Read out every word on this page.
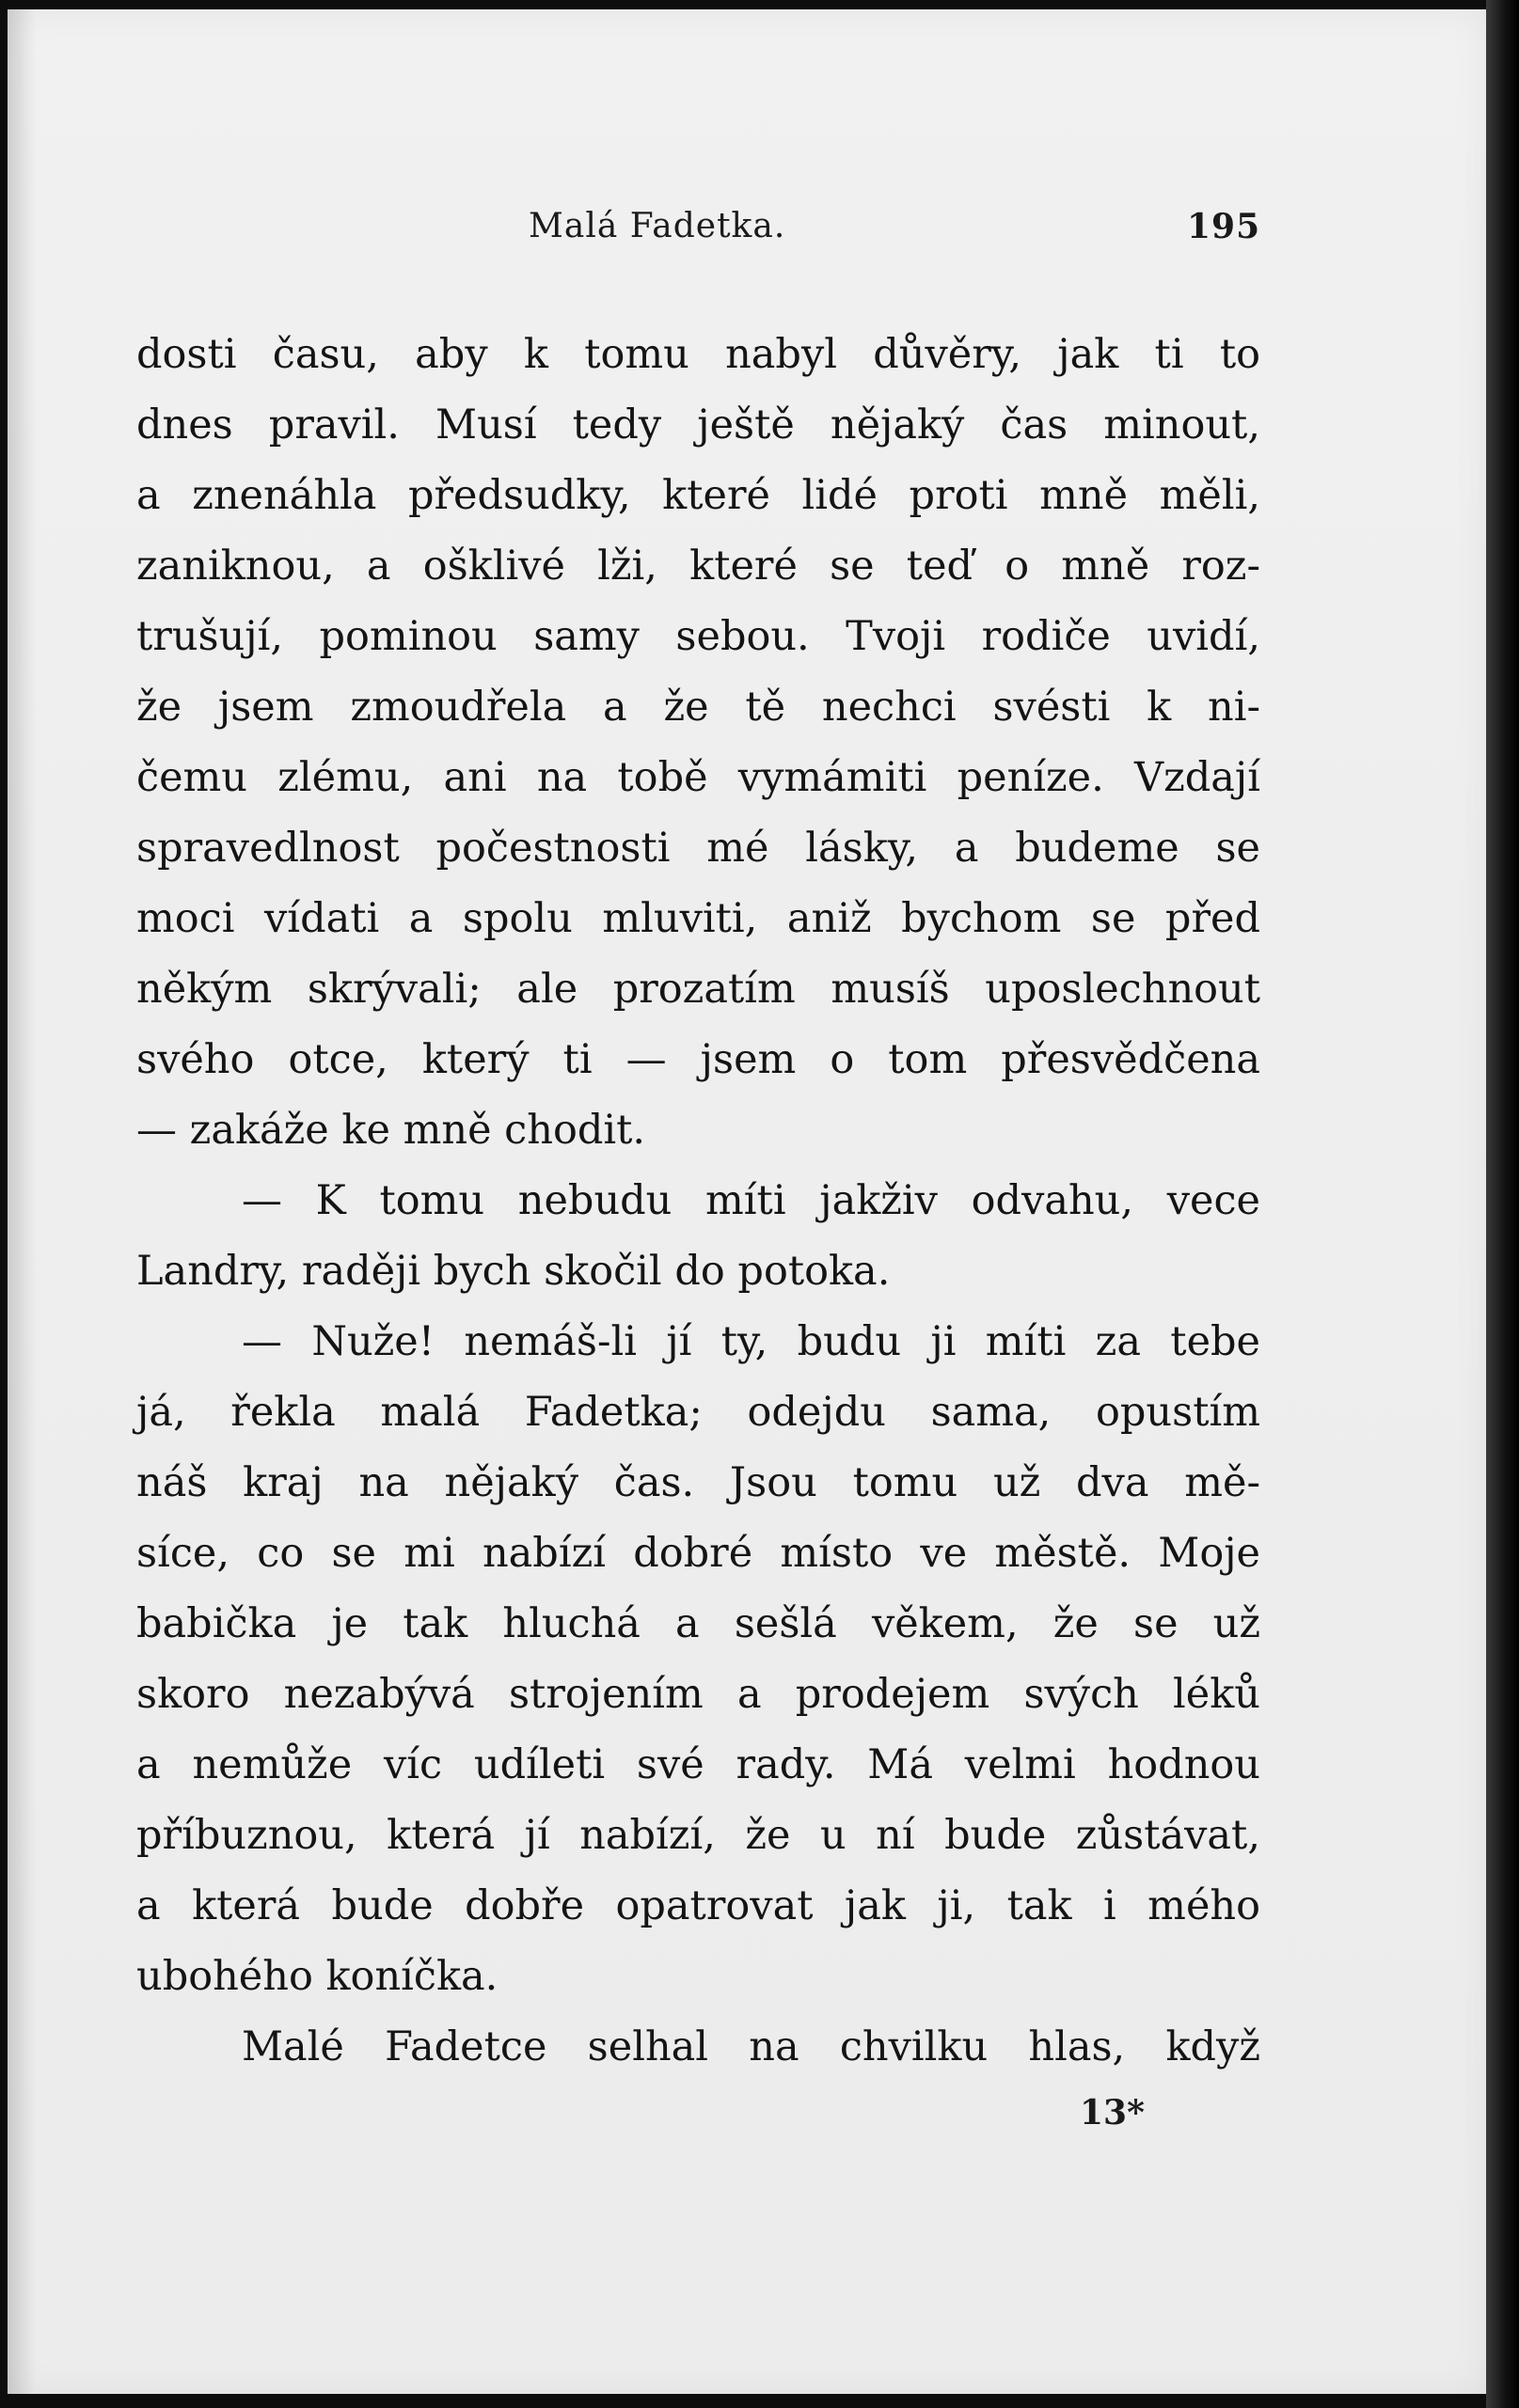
Malá Fadetka.	195
dosti času, aby k tomu nabyl důvěry, jak ti to
dnes pravil. Musí tedy ještě nějaký čas minout,
a znenáhla předsudky, které lidé proti mně měli,
zaniknou, a ošklivé lži, které se teď o mně roz-
trušují, pominou samy sebou. Tvoji rodiče uvidí,
že jsem zmoudřela a že tě nechci svésti k ni-
čemu zlému, ani na tobě vymámiti peníze. Vzdají
spravedlnost počestnosti mé lásky, a budeme se
moci vídati a spolu mluviti, aniž bychom se před
někým skrývali; ale prozatím musíš uposlechnout
svého otce, který ti — jsem o tom přesvědčena
— zakáže ke mně chodit.
— K tomu nebudu míti jakživ odvahu, vece
Landry, raději bych skočil do potoka.
— Nuže! nemáš-li jí ty, budu ji míti za tebe
já, řekla malá Fadetka; odejdu sama, opustím
náš kraj na nějaký čas. Jsou tomu už dva mě-
síce, co se mi nabízí dobré místo ve městě. Moje
babička je tak hluchá a sešlá věkem, že se už
skoro nezabývá strojením a prodejem svých léků
a nemůže víc udíleti své rady. Má velmi hodnou
příbuznou, která jí nabízí, že u ní bude zůstávat,
a která bude dobře opatrovat jak ji, tak i mého
ubohého koníčka.
Malé Fadetce selhal na chvilku hlas, když
13*
